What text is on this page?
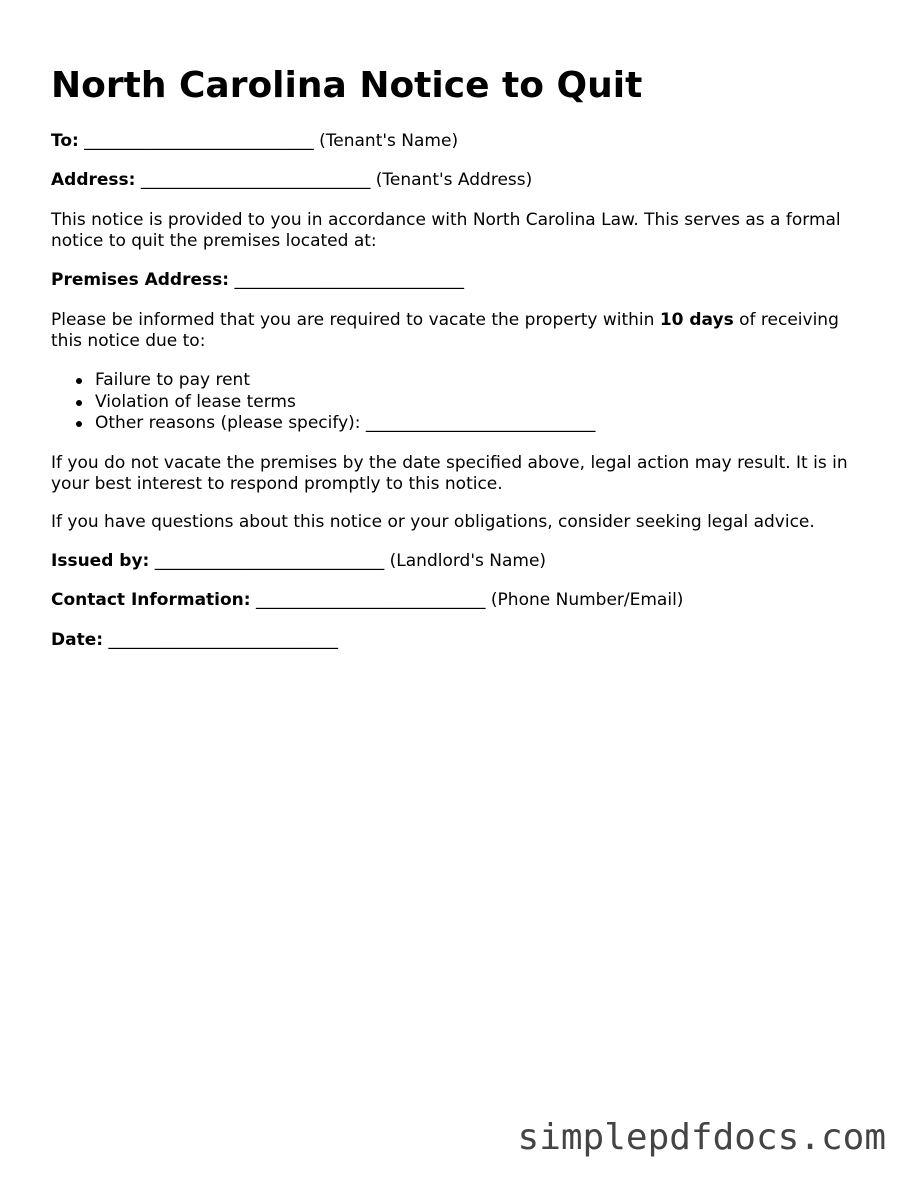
North Carolina Notice to Quit

To: ___________________________ (Tenant's Name)

Address: ___________________________ (Tenant's Address)

This notice is provided to you in accordance with North Carolina Law. This serves as a formal notice to quit the premises located at:

Premises Address: ___________________________

Please be informed that you are required to vacate the property within 10 days of receiving this notice due to:

Failure to pay rent
Violation of lease terms
Other reasons (please specify): ___________________________

If you do not vacate the premises by the date specified above, legal action may result. It is in your best interest to respond promptly to this notice.

If you have questions about this notice or your obligations, consider seeking legal advice.

Issued by: ___________________________ (Landlord's Name)

Contact Information: ___________________________ (Phone Number/Email)

Date: ___________________________

simplepdfdocs.com
